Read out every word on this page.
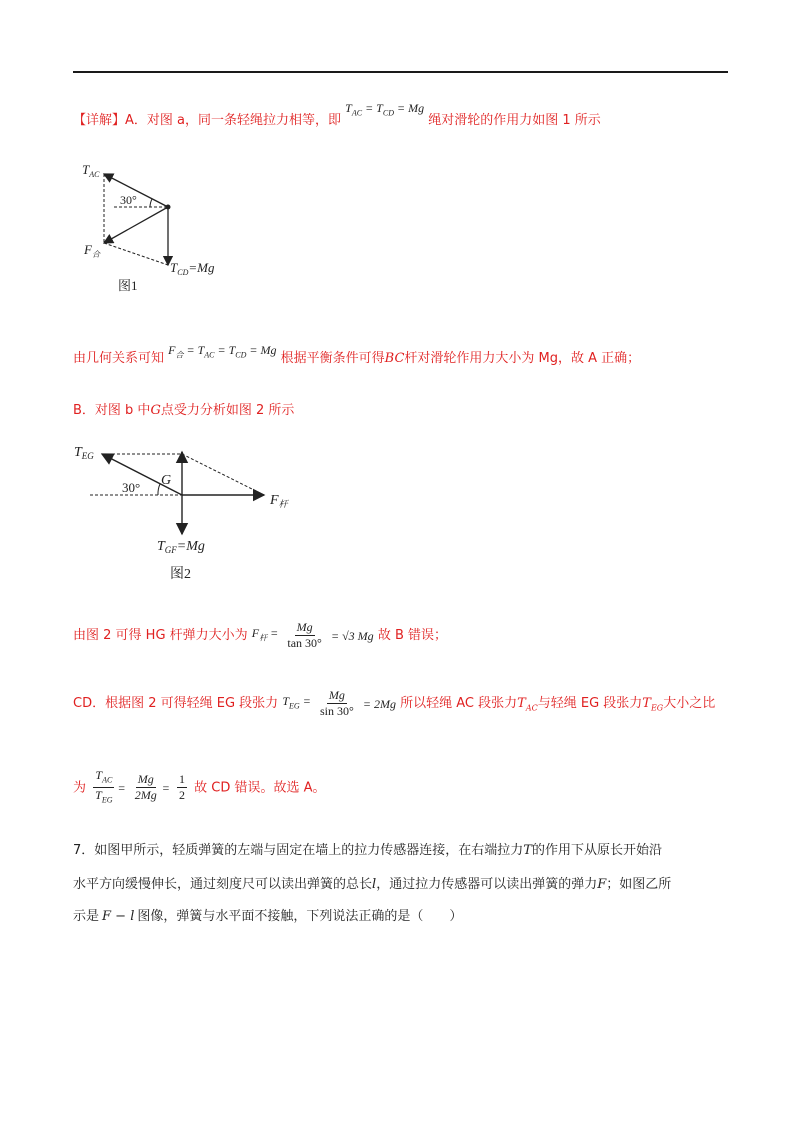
【详解】A．对图 a，同一条轻绳拉力相等，即 $T_{AC} = T_{CD} = Mg$ 绳对滑轮的作用力如图 1 所示
$T_{AC}$
30°
$F_合$
$T_{CD}=Mg$
图1
由几何关系可知 $F_合 = T_{AC} = T_{CD} = Mg$ 根据平衡条件可得BC杆对滑轮作用力大小为 Mg，故 A 正确；
B．对图 b 中G点受力分析如图 2 所示
$T_{EG}$
G
30°
$F_杆$
$T_{GF}=Mg$
图2
由图 2 可得 HG 杆弹力大小为 $F_杆 = \frac{Mg}{\tan 30^\circ} = √3$ Mg 故 B 错误；
CD．根据图 2 可得轻绳 EG 段张力 $T_{EG} = \frac{Mg}{\sin 30^\circ} = 2Mg$ 所以轻绳 AC 段张力$T_{AC}$与轻绳 EG 段张力$T_{EG}$大小之比
为 $\frac{T_{AC}}{T_{EG}} = \frac{Mg}{2Mg} = \frac{1}{2}$ 故 CD 错误。故选 A。
7．如图甲所示，轻质弹簧的左端与固定在墙上的拉力传感器连接，在右端拉力T的作用下从原长开始沿
水平方向缓慢伸长，通过刻度尺可以读出弹簧的总长l，通过拉力传感器可以读出弹簧的弹力F；如图乙所
示是 F − l 图像，弹簧与水平面不接触，下列说法正确的是（　　）
